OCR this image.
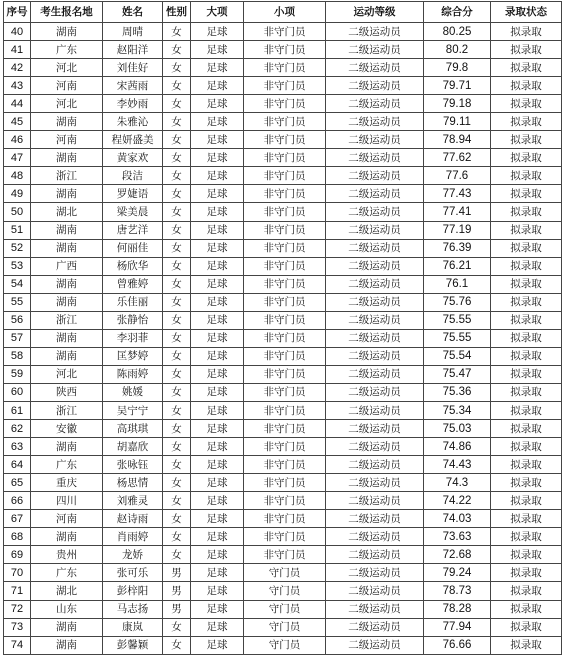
序号	考生报名地	姓名	性别	大项	小项	运动等级	综合分	录取状态
40	湖南	周晴	女	足球	非守门员	二级运动员	80.25	拟录取
41	广东	赵阳洋	女	足球	非守门员	二级运动员	80.2	拟录取
42	河北	刘佳好	女	足球	非守门员	二级运动员	79.8	拟录取
43	河南	宋茜雨	女	足球	非守门员	二级运动员	79.71	拟录取
44	河北	李妙雨	女	足球	非守门员	二级运动员	79.18	拟录取
45	湖南	朱雅沁	女	足球	非守门员	二级运动员	79.11	拟录取
46	河南	程妍盛美	女	足球	非守门员	二级运动员	78.94	拟录取
47	湖南	黄家欢	女	足球	非守门员	二级运动员	77.62	拟录取
48	浙江	段洁	女	足球	非守门员	二级运动员	77.6	拟录取
49	湖南	罗婕语	女	足球	非守门员	二级运动员	77.43	拟录取
50	湖北	梁美晨	女	足球	非守门员	二级运动员	77.41	拟录取
51	湖南	唐艺洋	女	足球	非守门员	二级运动员	77.19	拟录取
52	湖南	何丽佳	女	足球	非守门员	二级运动员	76.39	拟录取
53	广西	杨欣华	女	足球	非守门员	二级运动员	76.21	拟录取
54	湖南	曾雅婷	女	足球	非守门员	二级运动员	76.1	拟录取
55	湖南	乐佳丽	女	足球	非守门员	二级运动员	75.76	拟录取
56	浙江	张静怡	女	足球	非守门员	二级运动员	75.55	拟录取
57	湖南	李羽菲	女	足球	非守门员	二级运动员	75.55	拟录取
58	湖南	匡梦婷	女	足球	非守门员	二级运动员	75.54	拟录取
59	河北	陈雨婷	女	足球	非守门员	二级运动员	75.47	拟录取
60	陕西	姚媛	女	足球	非守门员	二级运动员	75.36	拟录取
61	浙江	吴宁宁	女	足球	非守门员	二级运动员	75.34	拟录取
62	安徽	高琪琪	女	足球	非守门员	二级运动员	75.03	拟录取
63	湖南	胡嘉欣	女	足球	非守门员	二级运动员	74.86	拟录取
64	广东	张咏钰	女	足球	非守门员	二级运动员	74.43	拟录取
65	重庆	杨思情	女	足球	非守门员	二级运动员	74.3	拟录取
66	四川	刘雅灵	女	足球	非守门员	二级运动员	74.22	拟录取
67	河南	赵诗雨	女	足球	非守门员	二级运动员	74.03	拟录取
68	湖南	肖雨婷	女	足球	非守门员	二级运动员	73.63	拟录取
69	贵州	龙娇	女	足球	非守门员	二级运动员	72.68	拟录取
70	广东	张可乐	男	足球	守门员	二级运动员	79.24	拟录取
71	湖北	彭梓阳	男	足球	守门员	二级运动员	78.73	拟录取
72	山东	马志扬	男	足球	守门员	二级运动员	78.28	拟录取
73	湖南	康岚	女	足球	守门员	二级运动员	77.94	拟录取
74	湖南	彭馨颖	女	足球	守门员	二级运动员	76.66	拟录取
